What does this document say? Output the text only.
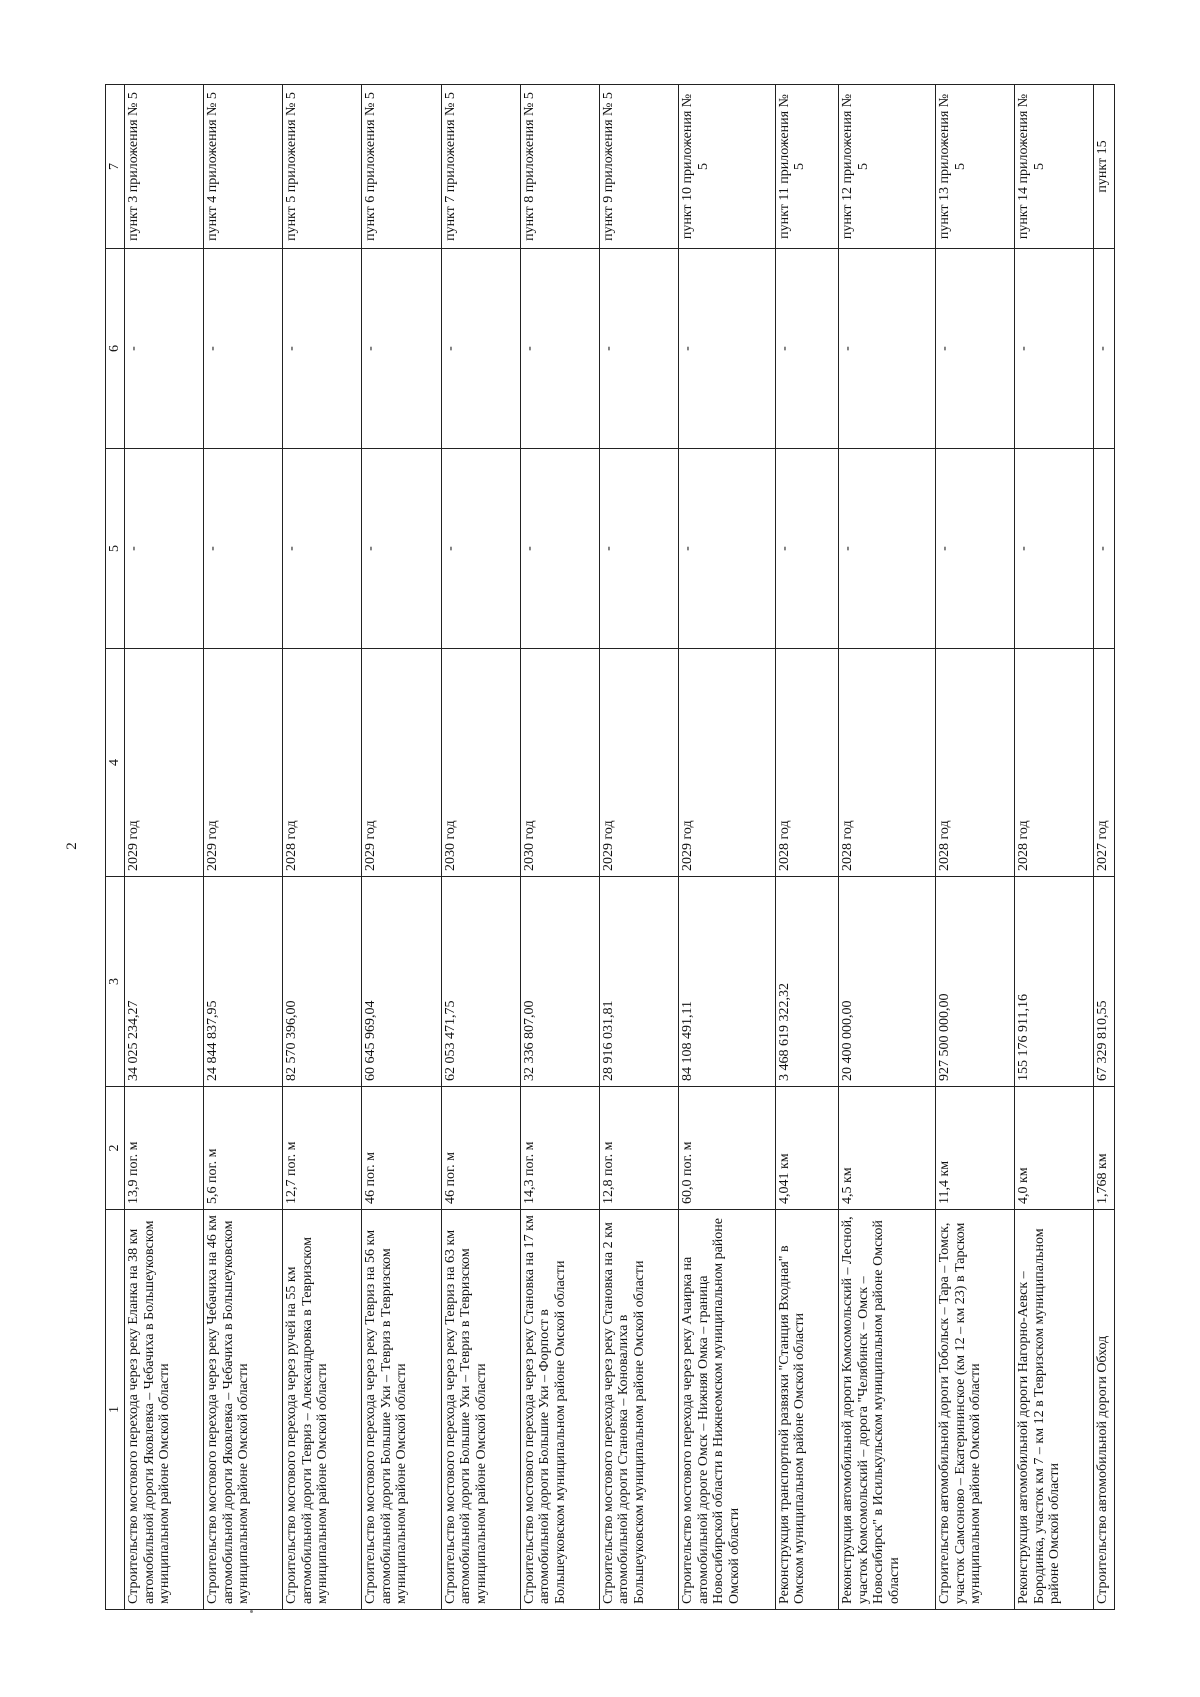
2
1	2	3	4	5	6	7
Строительство мостового перехода через реку Еланка на 38 км автомобильной дороги Яковлевка – Чебачиха в Большеуковском муниципальном районе Омской области	13,9 пог. м	34 025 234,27	2029 год	-	-	пункт 3 приложения № 5
Строительство мостового перехода через реку Чебачиха на 46 км автомобильной дороги Яковлевка – Чебачиха в Большеуковском муниципальном районе Омской области	5,6 пог. м	24 844 837,95	2029 год	-	-	пункт 4 приложения № 5
Строительство мостового перехода через ручей на 55 км автомобильной дороги Тевриз – Александровка в Тевризском муниципальном районе Омской области	12,7 пог. м	82 570 396,00	2028 год	-	-	пункт 5 приложения № 5
Строительство мостового перехода через реку Тевриз на 56 км автомобильной дороги Большие Уки – Тевриз в Тевризском муниципальном районе Омской области	46 пог. м	60 645 969,04	2029 год	-	-	пункт 6 приложения № 5
Строительство мостового перехода через реку Тевриз на 63 км автомобильной дороги Большие Уки – Тевриз в Тевризском муниципальном районе Омской области	46 пог. м	62 053 471,75	2030 год	-	-	пункт 7 приложения № 5
Строительство мостового перехода через реку Становка на 17 км автомобильной дороги Большие Уки – Форпост в Большеуковском муниципальном районе Омской области	14,3 пог. м	32 336 807,00	2030 год	-	-	пункт 8 приложения № 5
Строительство мостового перехода через реку Становка на 2 км автомобильной дороги Становка – Коновалиха в Большеуковском муниципальном районе Омской области	12,8 пог. м	28 916 031,81	2029 год	-	-	пункт 9 приложения № 5
Строительство мостового перехода через реку Ачаирка на автомобильной дороге Омск – Нижняя Омка – граница Новосибирской области в Нижнеомском муниципальном районе Омской области	60,0 пог. м	84 108 491,11	2029 год	-	-	пункт 10 приложения № 5
Реконструкция транспортной развязки "Станция Входная" в Омском муниципальном районе Омской области	4,041 км	3 468 619 322,32	2028 год	-	-	пункт 11 приложения № 5
Реконструкция автомобильной дороги Комсомольский – Лесной, участок Комсомольский – дорога "Челябинск – Омск – Новосибирск" в Исилькульском муниципальном районе Омской области	4,5 км	20 400 000,00	2028 год	-	-	пункт 12 приложения № 5
Строительство автомобильной дороги Тобольск – Тара – Томск, участок Самсоново – Екатерининское (км 12 – км 23) в Тарском муниципальном районе Омской области	11,4 км	927 500 000,00	2028 год	-	-	пункт 13 приложения № 5
Реконструкция автомобильной дороги Нагорно-Аевск – Бородинка, участок км 7 – км 12 в Тевризском муниципальном районе Омской области	4,0 км	155 176 911,16	2028 год	-	-	пункт 14 приложения № 5
Строительство автомобильной дороги Обход	1,768 км	67 329 810,55	2027 год	-	-	пункт 15
